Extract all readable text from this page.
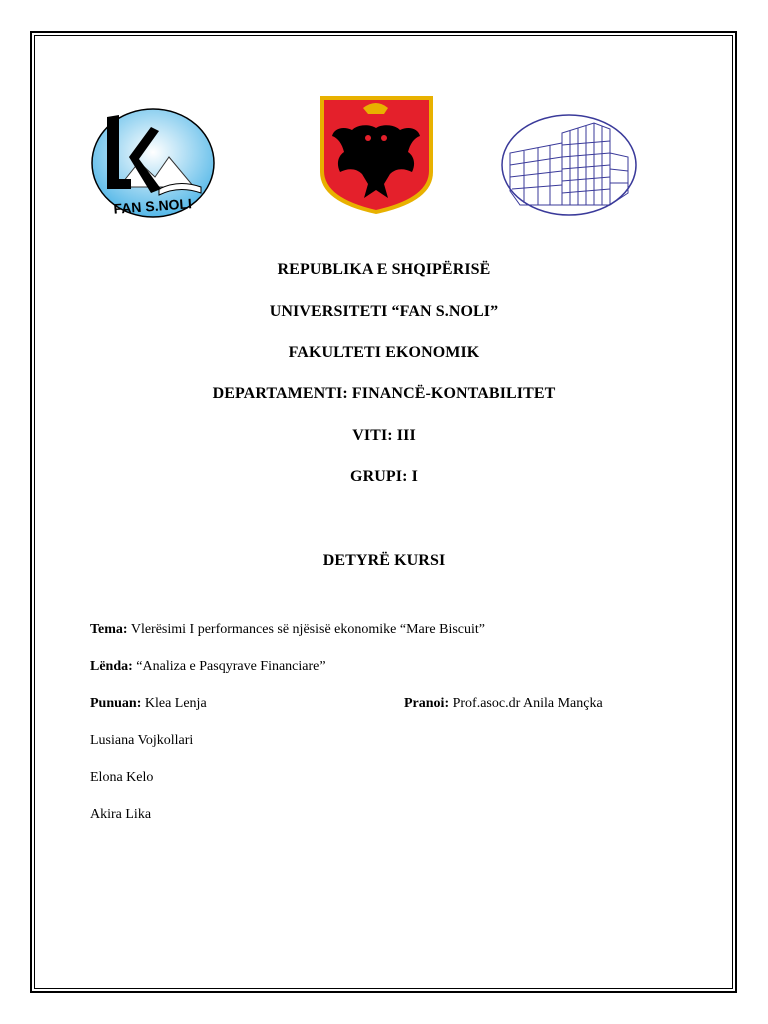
FAN S.NOLI
REPUBLIKA E SHQIPËRISË
UNIVERSITETI “FAN S.NOLI”
FAKULTETI EKONOMIK
DEPARTAMENTI: FINANCË-KONTABILITET
VITI: III
GRUPI: I
DETYRË KURSI
Tema: Vlerësimi I performances së njësisë ekonomike “Mare Biscuit”
Lënda: “Analiza e Pasqyrave Financiare”
Punuan: Klea Lenja	Pranoi: Prof.asoc.dr Anila Mançka
Lusiana Vojkollari
Elona Kelo
Akira Lika
